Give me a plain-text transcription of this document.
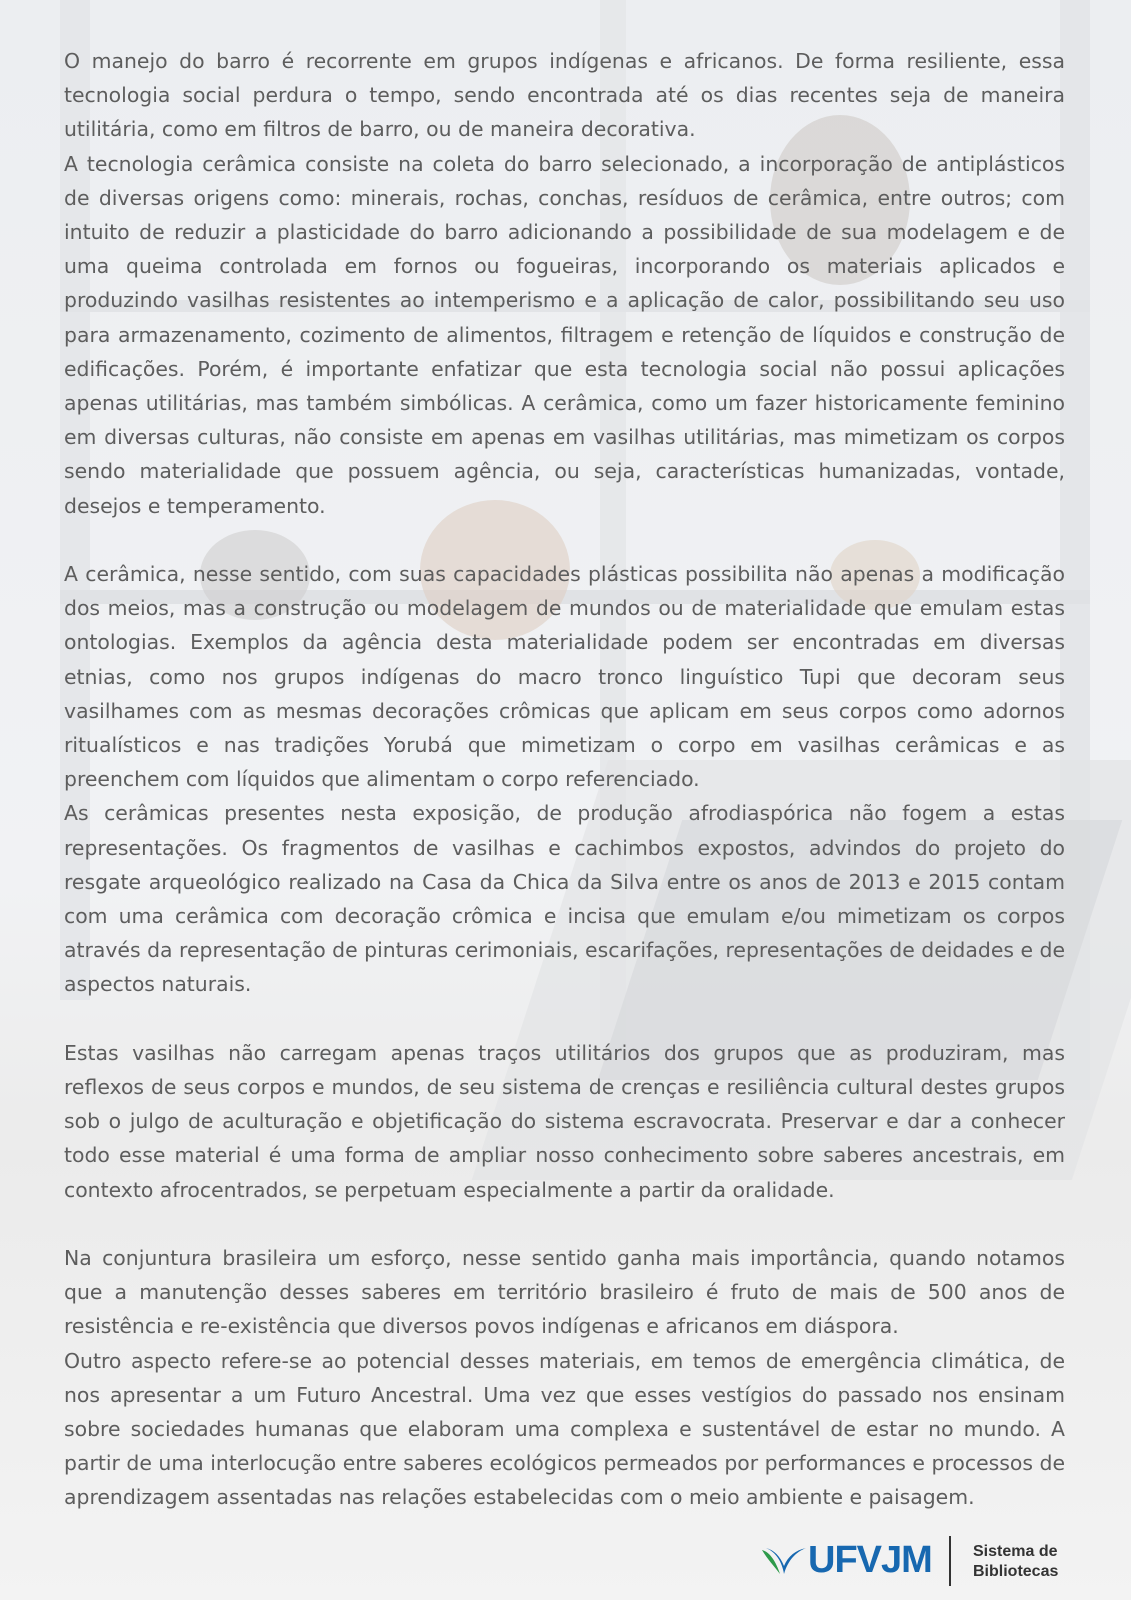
O manejo do barro é recorrente em grupos indígenas e africanos. De forma resiliente, essa tecnologia social perdura o tempo, sendo encontrada até os dias recentes seja de maneira utilitária, como em filtros de barro, ou de maneira decorativa.

A tecnologia cerâmica consiste na coleta do barro selecionado, a incorporação de antiplásticos de diversas origens como: minerais, rochas, conchas, resíduos de cerâmica, entre outros; com intuito de reduzir a plasticidade do barro adicionando a possibilidade de sua modelagem e de uma queima controlada em fornos ou fogueiras, incorporando os materiais aplicados e produzindo vasilhas resistentes ao intemperismo e a aplicação de calor, possibilitando seu uso para armazenamento, cozimento de alimentos, filtragem e retenção de líquidos e construção de edificações. Porém, é importante enfatizar que esta tecnologia social não possui aplicações apenas utilitárias, mas também simbólicas. A cerâmica, como um fazer historicamente feminino em diversas culturas, não consiste em apenas em vasilhas utilitárias, mas mimetizam os corpos sendo materialidade que possuem agência, ou seja, características humanizadas, vontade, desejos e temperamento.

A cerâmica, nesse sentido, com suas capacidades plásticas possibilita não apenas a modificação dos meios, mas a construção ou modelagem de mundos ou de materialidade que emulam estas ontologias. Exemplos da agência desta materialidade podem ser encontradas em diversas etnias, como nos grupos indígenas do macro tronco linguístico Tupi que decoram seus vasilhames com as mesmas decorações crômicas que aplicam em seus corpos como adornos ritualísticos e nas tradições Yorubá que mimetizam o corpo em vasilhas cerâmicas e as preenchem com líquidos que alimentam o corpo referenciado.

As cerâmicas presentes nesta exposição, de produção afrodiaspórica não fogem a estas representações. Os fragmentos de vasilhas e cachimbos expostos, advindos do projeto do resgate arqueológico realizado na Casa da Chica da Silva entre os anos de 2013 e 2015 contam com uma cerâmica com decoração crômica e incisa que emulam e/ou mimetizam os corpos através da representação de pinturas cerimoniais, escarifações, representações de deidades e de aspectos naturais.

Estas vasilhas não carregam apenas traços utilitários dos grupos que as produziram, mas reflexos de seus corpos e mundos, de seu sistema de crenças e resiliência cultural destes grupos sob o julgo de aculturação e objetificação do sistema escravocrata. Preservar e dar a conhecer todo esse material é uma forma de ampliar nosso conhecimento sobre saberes ancestrais, em contexto afrocentrados, se perpetuam especialmente a partir da oralidade.

Na conjuntura brasileira um esforço, nesse sentido ganha mais importância, quando notamos que a manutenção desses saberes em território brasileiro é fruto de mais de 500 anos de resistência e re-existência que diversos povos indígenas e africanos em diáspora.

Outro aspecto refere-se ao potencial desses materiais, em temos de emergência climática, de nos apresentar a um Futuro Ancestral. Uma vez que esses vestígios do passado nos ensinam sobre sociedades humanas que elaboram uma complexa e sustentável de estar no mundo. A partir de uma interlocução entre saberes ecológicos permeados por performances e processos de aprendizagem assentadas nas relações estabelecidas com o meio ambiente e paisagem.

UFVJM	Sistema de
Bibliotecas
